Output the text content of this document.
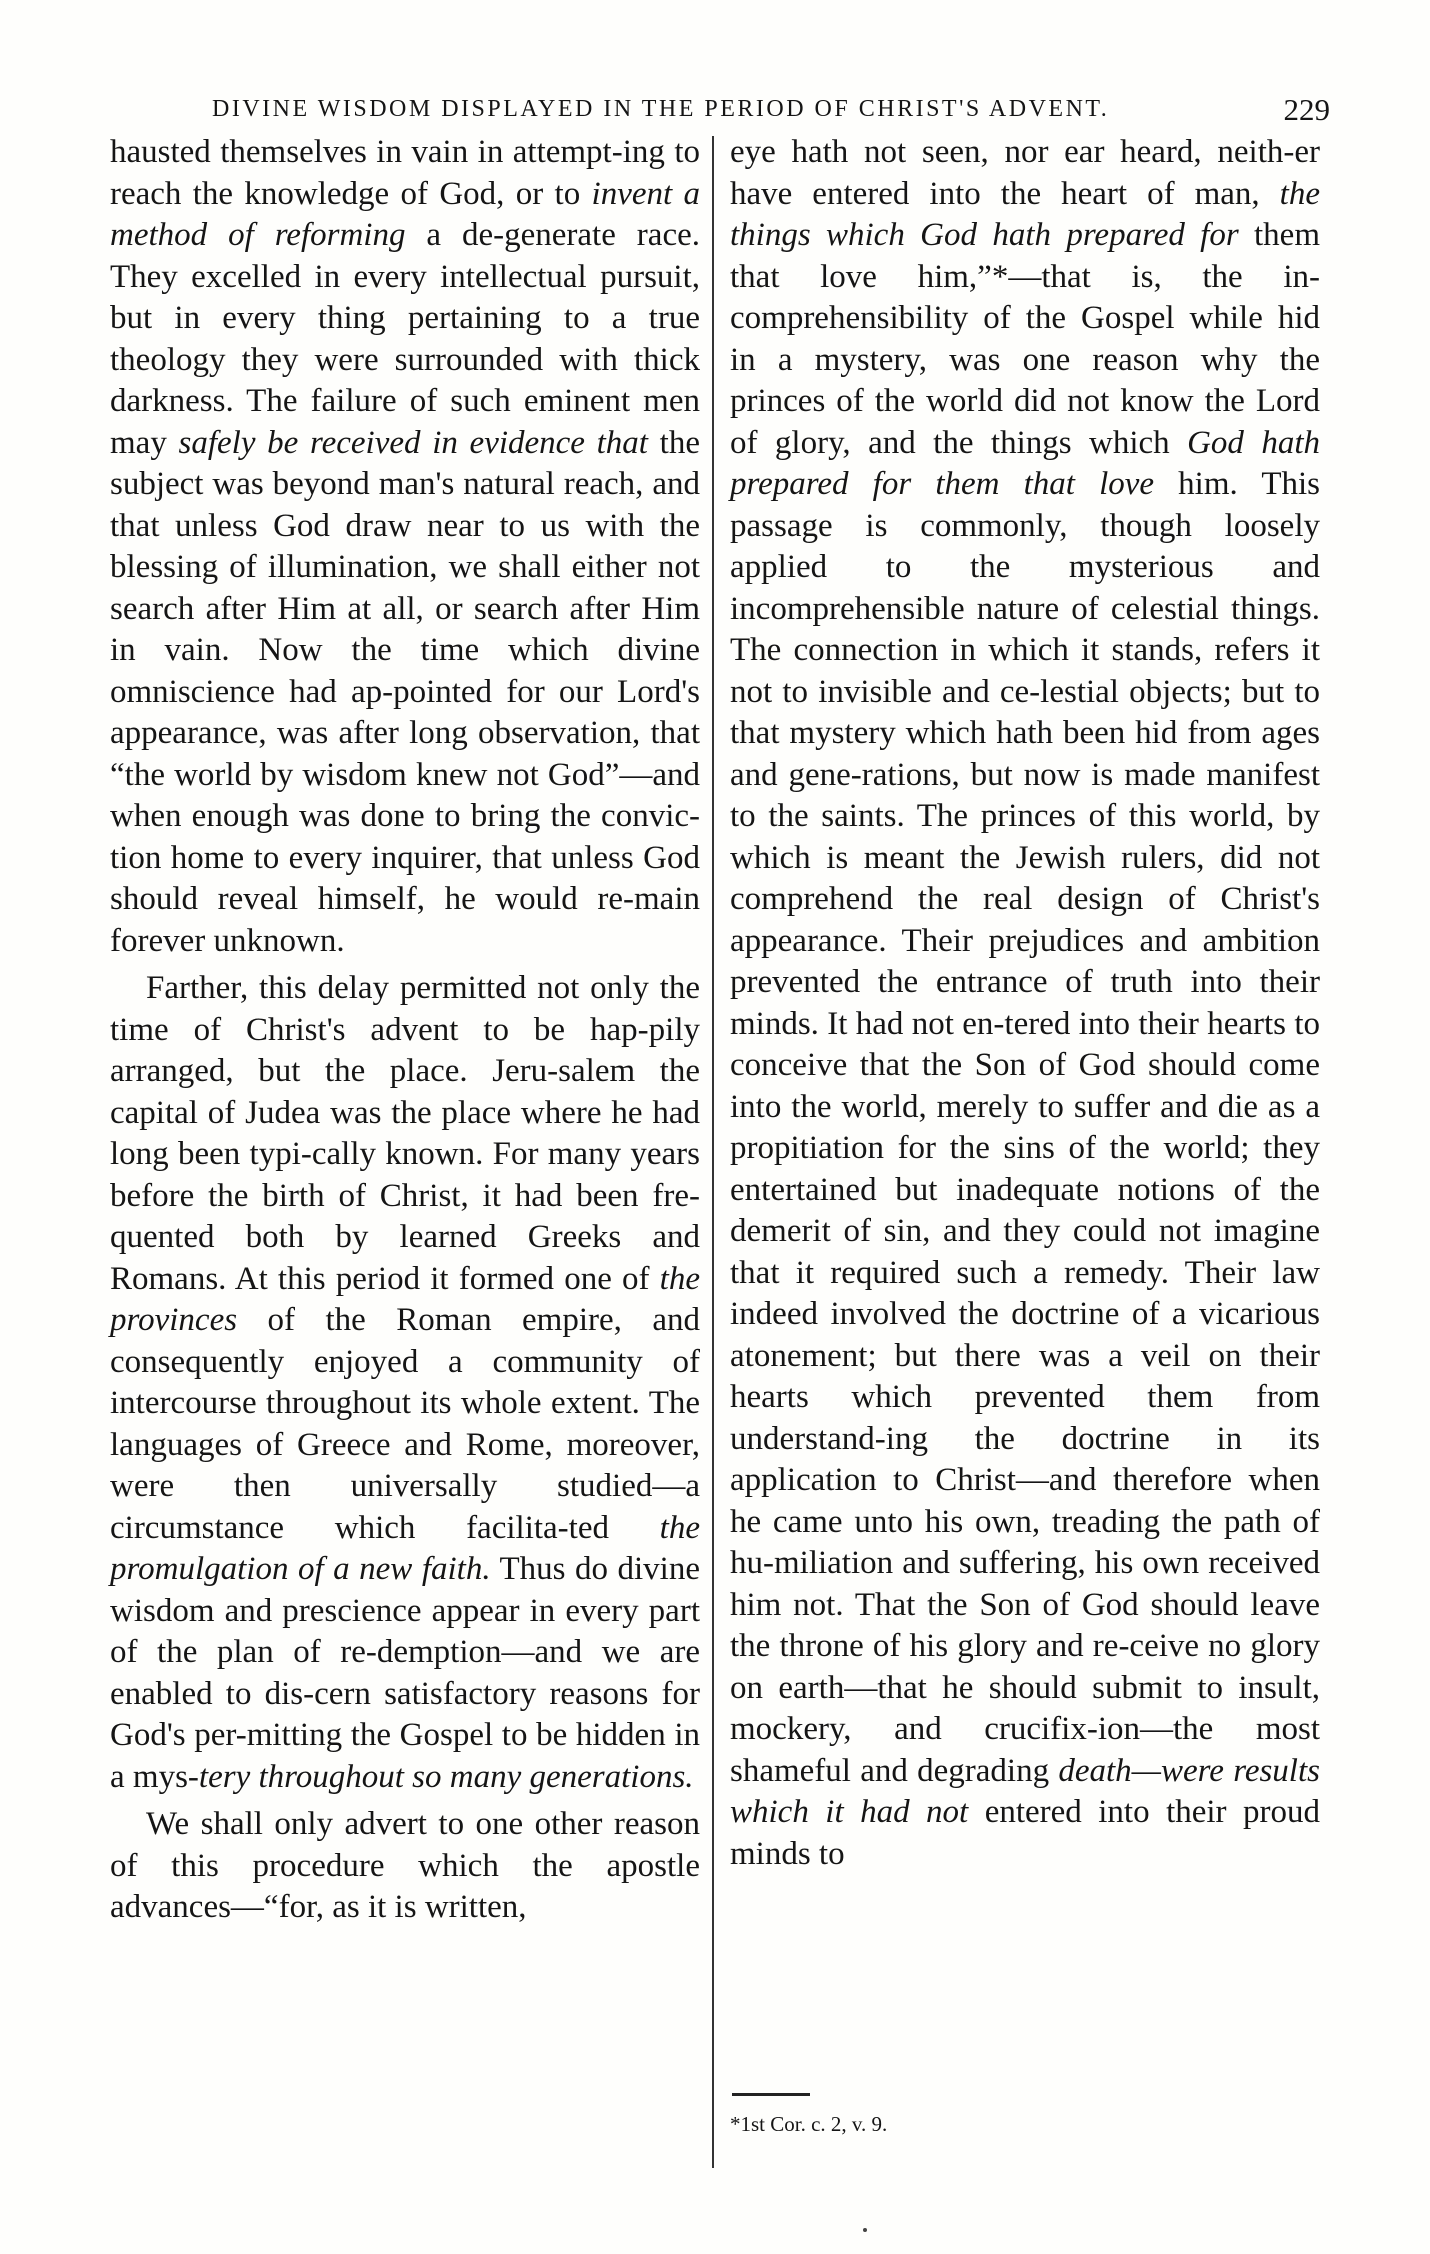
DIVINE WISDOM DISPLAYED IN THE PERIOD OF CHRIST'S ADVENT.	229

hausted themselves in vain in attempt-ing to reach the knowledge of God, or to invent a method of reforming a de-generate race. They excelled in every intellectual pursuit, but in every thing pertaining to a true theology they were surrounded with thick darkness. The failure of such eminent men may safely be received in evidence that the subject was beyond man's natural reach, and that unless God draw near to us with the blessing of illumination, we shall either not search after Him at all, or search after Him in vain. Now the time which divine omniscience had ap-pointed for our Lord's appearance, was after long observation, that “the world by wisdom knew not God”—and when enough was done to bring the convic-tion home to every inquirer, that unless God should reveal himself, he would re-main forever unknown.

Farther, this delay permitted not only the time of Christ's advent to be hap-pily arranged, but the place. Jeru-salem the capital of Judea was the place where he had long been typi-cally known. For many years before the birth of Christ, it had been fre-quented both by learned Greeks and Romans. At this period it formed one of the provinces of the Roman empire, and consequently enjoyed a community of intercourse throughout its whole extent. The languages of Greece and Rome, moreover, were then universally studied—a circumstance which facilita-ted the promulgation of a new faith. Thus do divine wisdom and prescience appear in every part of the plan of re-demption—and we are enabled to dis-cern satisfactory reasons for God's per-mitting the Gospel to be hidden in a mys-tery throughout so many generations.

We shall only advert to one other reason of this procedure which the apostle advances—“for, as it is written,

eye hath not seen, nor ear heard, neith-er have entered into the heart of man, the things which God hath prepared for them that love him,”*—that is, the in-comprehensibility of the Gospel while hid in a mystery, was one reason why the princes of the world did not know the Lord of glory, and the things which God hath prepared for them that love him. This passage is commonly, though loosely applied to the mysterious and incomprehensible nature of celestial things. The connection in which it stands, refers it not to invisible and ce-lestial objects; but to that mystery which hath been hid from ages and gene-rations, but now is made manifest to the saints. The princes of this world, by which is meant the Jewish rulers, did not comprehend the real design of Christ's appearance. Their prejudices and ambition prevented the entrance of truth into their minds. It had not en-tered into their hearts to conceive that the Son of God should come into the world, merely to suffer and die as a propitiation for the sins of the world; they entertained but inadequate notions of the demerit of sin, and they could not imagine that it required such a remedy. Their law indeed involved the doctrine of a vicarious atonement; but there was a veil on their hearts which prevented them from understand-ing the doctrine in its application to Christ—and therefore when he came unto his own, treading the path of hu-miliation and suffering, his own received him not. That the Son of God should leave the throne of his glory and re-ceive no glory on earth—that he should submit to insult, mockery, and crucifix-ion—the most shameful and degrading death—were results which it had not entered into their proud minds to

*1st Cor. c. 2, v. 9.
